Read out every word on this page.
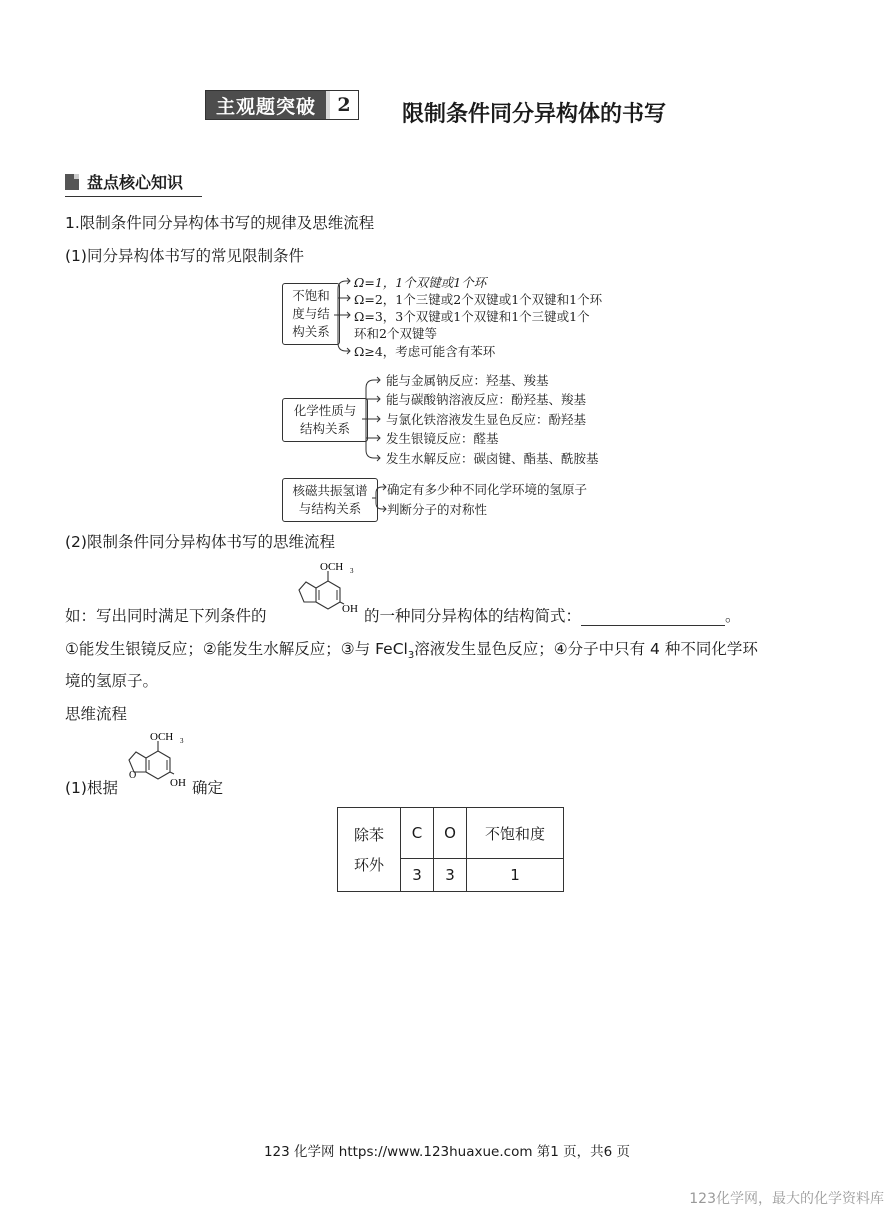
主观题突破	2	限制条件同分异构体的书写
盘点核心知识
1.限制条件同分异构体书写的规律及思维流程
(1)同分异构体书写的常见限制条件
不饱和
度与结
构关系
Ω=1，1个双键或1个环
Ω=2，1个三键或2个双键或1个双键和1个环
Ω=3，3个双键或1个双键和1个三键或1个
环和2个双键等
Ω≥4，考虑可能含有苯环
化学性质与
结构关系
能与金属钠反应：羟基、羧基
能与碳酸钠溶液反应：酚羟基、羧基
与氯化铁溶液发生显色反应：酚羟基
发生银镜反应：醛基
发生水解反应：碳卤键、酯基、酰胺基
核磁共振氢谱
与结构关系
确定有多少种不同化学环境的氢原子
判断分子的对称性
(2)限制条件同分异构体书写的思维流程
如：写出同时满足下列条件的
OCH 3
OH 的一种同分异构体的结构简式：	。
①能发生银镜反应；②能发生水解反应；③与 FeCl$_3$溶液发生显色反应；④分子中只有 4 种不同化学环
境的氢原子。
思维流程
(1)根据
OCH 3
OH
O
确定
除苯
环外	C	O	不饱和度
	3	3	1
123 化学网 https://www.123huaxue.com 第1 页，共6 页
123化学网，最大的化学资料库
